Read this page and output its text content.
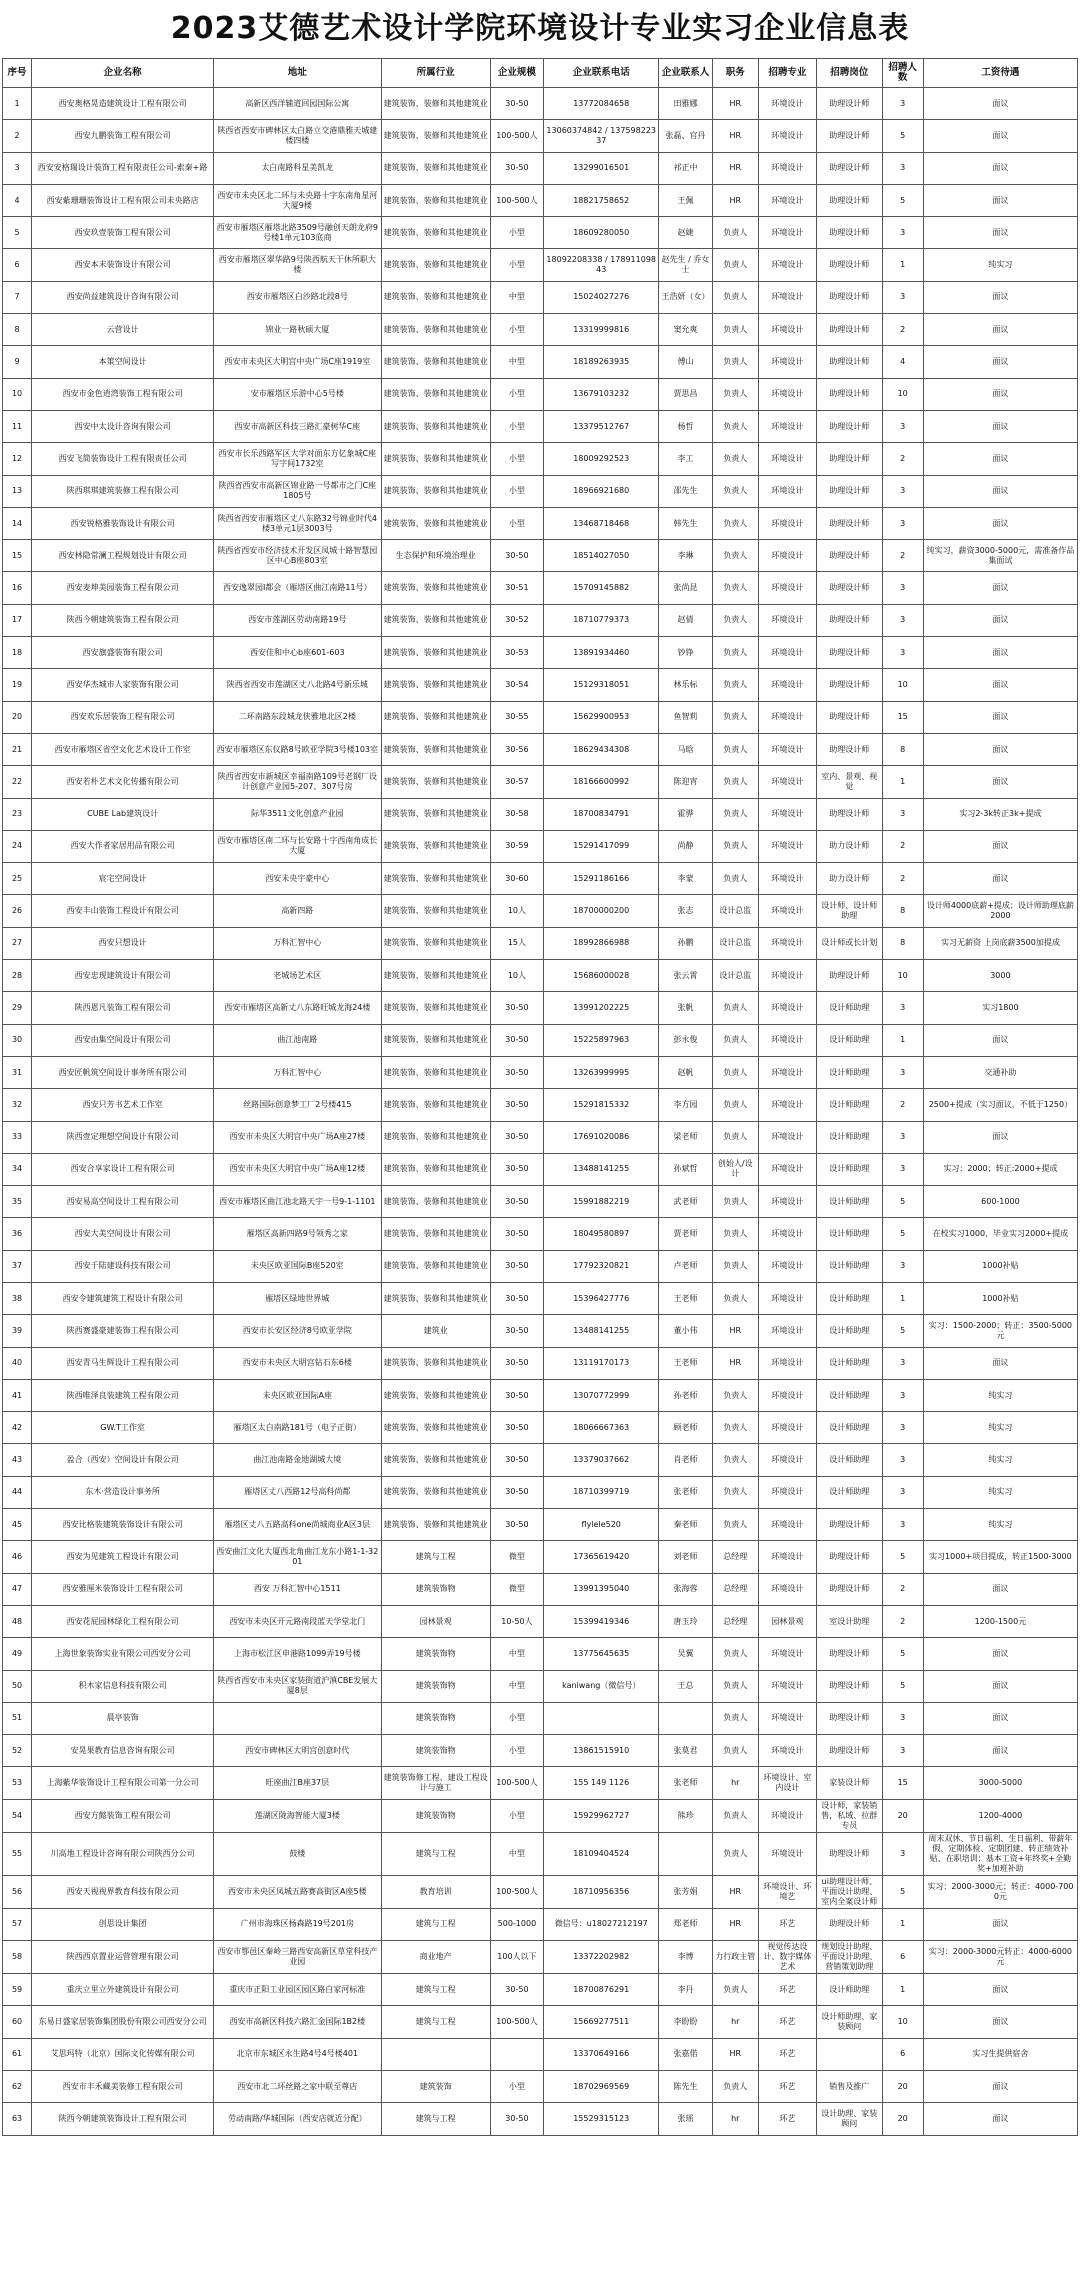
2023艾德艺术设计学院环境设计专业实习企业信息表
序号	企业名称	地址	所属行业	企业规模	企业联系电话	企业联系人	职务	招聘专业	招聘岗位	招聘人数	工资待遇
1	西安奥格晃造建筑设计工程有限公司	高新区西洋辅道回园国际公寓	建筑装饰、装修和其他建筑业	30-50	13772084658	田雅娜	HR	环境设计	助理设计师	3	面议
2	西安九鹏装饰工程有限公司	陕西省西安市碑林区太白路立交港鼎雅天城建楼四楼	建筑装饰、装修和其他建筑业	100-500人	13060374842 / 13759822337	张磊、官丹	HR	环境设计	助理设计师	5	面议
3	西安安格瑞设计装饰工程有限责任公司-索秦+路	太白南路科星美凯龙	建筑装饰、装修和其他建筑业	30-50	13299016501	祁正中	HR	环境设计	助理设计师	3	面议
4	西安紫珊珊装饰设计工程有限公司未央路店	西安市未央区北二环与未央路十字东南角星河大厦9楼	建筑装饰、装修和其他建筑业	100-500人	18821758652	王佩	HR	环境设计	助理设计师	5	面议
5	西安玖壹装饰工程有限公司	西安市雁塔区雁塔北路3509号融创天朗龙府9号楼1单元103底商	建筑装饰、装修和其他建筑业	小型	18609280050	赵婕	负责人	环境设计	助理设计师	3	面议
6	西安本末装饰设计有限公司	西安市雁塔区翠华路9号陕西航天干休所职大楼	建筑装饰、装修和其他建筑业	小型	18092208338 / 17891109843	赵先生 / 乔女士	负责人	环境设计	助理设计师	1	纯实习
7	西安尚益建筑设计咨询有限公司	西安市雁塔区白沙路北段8号	建筑装饰、装修和其他建筑业	中型	15024027276	王浩妍（女）	负责人	环境设计	助理设计师	3	面议
8	云营设计	锦业一路秋硕大厦	建筑装饰、装修和其他建筑业	小型	13319999816	窦允爽	负责人	环境设计	助理设计师	2	面议
9	本策空间设计	西安市未央区大明宫中央广场C座1919室	建筑装饰、装修和其他建筑业	中型	18189263935	傅山	负责人	环境设计	助理设计师	4	面议
10	西安市金色逍湾装饰工程有限公司	安市雁塔区乐游中心5号楼	建筑装饰、装修和其他建筑业	小型	13679103232	贾思昌	负责人	环境设计	助理设计师	10	面议
11	西安中太设计咨询有限公司	西安市高新区科技三路汇豪树华C座	建筑装饰、装修和其他建筑业	小型	13379512767	杨哲	负责人	环境设计	助理设计师	3	面议
12	西安飞简装饰设计工程有限责任公司	西安市长乐西路军区大学对面东方亿象城C座写字间1732室	建筑装饰、装修和其他建筑业	小型	18009292523	李工	负责人	环境设计	助理设计师	2	面议
13	陕西琪琪建筑装修工程有限公司	陕西省西安市高新区锦业路一号都市之门C座1805号	建筑装饰、装修和其他建筑业	小型	18966921680	邵先生	负责人	环境设计	助理设计师	3	面议
14	西安锐格雅装饰设计有限公司	陕西省西安市雁塔区丈八东路32号锦业时代4楼3单元1层3003号	建筑装饰、装修和其他建筑业	小型	13468718468	韩先生	负责人	环境设计	助理设计师	3	面议
15	西安林隐常澜工程规划设计有限公司	陕西省西安市经济技术开发区凤城十路智慧园区中心B座803室	生态保护和环境治理业	30-50	18514027050	李琳	负责人	环境设计	助理设计师	2	纯实习，薪资3000-5000元，需准备作品集面试
16	西安麦坤美园装饰工程有限公司	西安逸翠园I都会（雁塔区曲江南路11号）	建筑装饰、装修和其他建筑业	30-51	15709145882	张尚昆	负责人	环境设计	助理设计师	3	面议
17	陕西今朝建筑装饰工程有限公司	西安市莲湖区劳动南路19号	建筑装饰、装修和其他建筑业	30-52	18710779373	赵倩	负责人	环境设计	助理设计师	3	面议
18	西安旗盛装饰有限公司	西安佳和中心b座601-603	建筑装饰、装修和其他建筑业	30-53	13891934460	钞铮	负责人	环境设计	助理设计师	3	面议
19	西安华杰城市人家装饰有限公司	陕西省西安市莲湖区丈八北路4号新乐城	建筑装饰、装修和其他建筑业	30-54	15129318051	林乐标	负责人	环境设计	助理设计师	10	面议
20	西安欢乐居装饰工程有限公司	二环南路东段城龙侠雅地北区2楼	建筑装饰、装修和其他建筑业	30-55	15629900953	鱼智莉	负责人	环境设计	助理设计师	15	面议
21	西安市雁塔区省空文化艺术设计工作室	西安市雁塔区东仪路8号欧亚学院3号楼103室	建筑装饰、装修和其他建筑业	30-56	18629434308	马晗	负责人	环境设计	助理设计师	8	面议
22	西安若朴艺术文化传播有限公司	陕西省西安市新城区幸福南路109号老钢厂设计创意产业园5-207、307号房	建筑装饰、装修和其他建筑业	30-57	18166600992	陈迎宵	负责人	环境设计	室内、景观、视觉	1	面议
23	CUBE Lab建筑设计	际华3511文化创意产业园	建筑装饰、装修和其他建筑业	30-58	18700834791	霍骅	负责人	环境设计	助理设计师	3	实习2-3k转正3k+提成
24	西安大作者家居用品有限公司	西安市雁塔区南二环与长安路十字西南角成长大厦	建筑装饰、装修和其他建筑业	30-59	15291417099	尚静	负责人	环境设计	助力设计师	2	面议
25	宸宅空间设计	西安未央宇豪中心	建筑装饰、装修和其他建筑业	30-60	15291186166	李蒙	负责人	环境设计	助力设计师	2	面议
26	西安丰山装饰工程设计有限公司	高新四路	建筑装饰、装修和其他建筑业	10人	18700000200	张志	设计总监	环境设计	设计师、设计师助理	8	设计师4000底薪+提成；设计师助理底薪2000
27	西安只想设计	万科汇智中心	建筑装饰、装修和其他建筑业	15人	18992866988	孙鹏	设计总监	环境设计	设计师或长计划	8	实习无薪资 上岗底薪3500加提成
28	西安忠现建筑设计有限公司	老城场艺术区	建筑装饰、装修和其他建筑业	10人	15686000028	张云霄	设计总监	环境设计	助理设计师	10	3000
29	陕西恩凡装饰工程有限公司	西安市雁塔区高新丈八东路旺城龙海24楼	建筑装饰、装修和其他建筑业	30-50	13991202225	张帆	负责人	环境设计	设计师助理	3	实习1800
30	西安由集空间设计有限公司	曲江池南路	建筑装饰、装修和其他建筑业	30-50	15225897963	彭永俊	负责人	环境设计	设计师助理	1	面议
31	西安匠帆筑空间设计事务所有限公司	万科汇智中心	建筑装饰、装修和其他建筑业	30-50	13263999995	赵帆	负责人	环境设计	设计师助理	3	交通补助
32	西安只芳书艺术工作室	丝路国际创意梦工厂2号楼415	建筑装饰、装修和其他建筑业	30-50	15291815332	李方园	负责人	环境设计	设计师助理	2	2500+提成（实习面议，不低于1250）
33	陕西壹定理想空间设计有限公司	西安市未央区大明宫中央广场A座27楼	建筑装饰、装修和其他建筑业	30-50	17691020086	梁老师	负责人	环境设计	设计师助理	3	面议
34	西安合享家设计工程有限公司	西安市未央区大明宫中央广场A座12楼	建筑装饰、装修和其他建筑业	30-50	13488141255	孙斌哲	创始人/设计	环境设计	设计师助理	3	实习：2000；转正:2000+提成
35	西安易高空间设计工程有限公司	西安市雁塔区曲江池北路天宇一号9-1-1101	建筑装饰、装修和其他建筑业	30-50	15991882219	武老师	负责人	环境设计	设计师助理	5	600-1000
36	西安大美空间设计有限公司	雁塔区高新四路9号领秀之家	建筑装饰、装修和其他建筑业	30-50	18049580897	贾老师	负责人	环境设计	设计师助理	5	在校实习1000，毕业实习2000+提成
37	西安千陆建设科技有限公司	未央区欧亚国际B座520室	建筑装饰、装修和其他建筑业	30-50	17792320821	卢老师	负责人	环境设计	设计师助理	3	1000补贴
38	西安令建筑建筑工程设计有限公司	雁塔区绿地世界城	建筑装饰、装修和其他建筑业	30-50	15396427776	王老师	负责人	环境设计	设计师助理	1	1000补贴
39	陕西赛盛豪建装饰工程有限公司	西安市长安区经济8号欧亚学院	建筑业	30-50	13488141255	董小伟	HR	环境设计	设计师助理	5	实习：1500-2000；转正：3500-5000元
40	西安青马生辉设计工程有限公司	西安市未央区大明宫钻石东6楼	建筑装饰、装修和其他建筑业	30-50	13119170173	王老师	HR	环境设计	设计师助理	3	面议
41	陕西唯泽良装建筑工程有限公司	未央区欧亚国际A座	建筑装饰、装修和其他建筑业	30-50	13070772999	孙老师	负责人	环境设计	设计师助理	3	纯实习
42	GW.T工作室	雁塔区太白南路181号（电子正街）	建筑装饰、装修和其他建筑业	30-50	18066667363	顾老师	负责人	环境设计	设计师助理	3	纯实习
43	盈合（西安）空间设计有限公司	曲江池南路金地湖城大境	建筑装饰、装修和其他建筑业	30-50	13379037662	肖老师	负责人	环境设计	设计师助理	3	纯实习
44	东木·营造设计事务所	雁塔区丈八西路12号高科尚都	建筑装饰、装修和其他建筑业	30-50	18710399719	张老师	负责人	环境设计	设计师助理	3	纯实习
45	西安比格装建筑装饰设计有限公司	雁塔区丈八五路高科one尚城商业A区3层	建筑装饰、装修和其他建筑业	30-50	flylele520	秦老师	负责人	环境设计	助理设计师	3	纯实习
46	西安为见建筑工程设计有限公司	西安曲江文化大厦西北角曲江龙东小路1-1-3201	建筑与工程	微型	17365619420	刘老师	总经理	环境设计	助理设计师	5	实习1000+项目提成，转正1500-3000
47	西安雅厘米装饰设计工程有限公司	西安 万科汇智中心1511	建筑装饰物	微型	13991395040	张海蓉	总经理	环境设计	助理设计师	2	面议
48	西安花屁园林绿化工程有限公司	西安市未央区开元路南段蓝天学堂北门	园林景观	10-50人	15399419346	唐玉玲	总经理	园林景观	室设计助理	2	1200-1500元
49	上海世象装饰实业有限公司西安分公司	上海市松江区申港路1099弄19号楼	建筑装饰物	中型	13775645635	吴翼	负责人	环境设计	助理设计师	5	面议
50	积木家信息科技有限公司	陕西省西安市未央区家装街道沪滇CBE发展大厦8层	建筑装饰物	中型	kaniwang（微信号）	王总	负责人	环境设计	助理设计师	5	面议
51	晨亭装饰		建筑装饰物	小型			负责人	环境设计	助理设计师	3	面议
52	安晃果教育信息咨询有限公司	西安市碑林区大明宫创意时代	建筑装饰物	小型	13861515910	张莫君	负责人	环境设计	助理设计师	3	面议
53	上海紫华装饰设计工程有限公司第一分公司	旺座曲江B座37层	建筑装饰修工程、建设工程设计与施工	100-500人	155 149 1126	张老师	hr	环境设计、室内设计	家装设计师	15	3000-5000
54	西安方懿装饰工程有限公司	莲湖区陇海智能大厦3楼	建筑装饰物	小型	15929962727	熊珍	负责人	环境设计	设计师，家装销售，私域、拉群专员	20	1200-4000
55	川高地工程设计咨询有限公司陕西分公司	鼓楼	建筑与工程	中型	18109404524		负责人	环境设计	助理设计师	3	周末双休、节日福利、生日福利、带薪年假、定期体检、定期团建、转正绩效补贴、在职培训：基本工资+年终奖+全勤奖+加班补助
56	西安天视视界教育科技有限公司	西安市未央区凤城五路赛高街区A座5楼	教育培训	100-500人	18710956356	张芳娟	HR	环境设计、环境艺	ui助理设计师、平面设计助理、室内全案设计师	5	实习：2000-3000元；转正：4000-7000元
57	创思设计集团	广州市海珠区杨森路19号201房	建筑与工程	500-1000	微信号：u18027212197	郑老师	HR	环艺	助理设计师	1	面议
58	陕西西京置业运营管理有限公司	西安市鄠邑区秦岭三路西安高新区草堂科技产业园	商业地产	100人以下	13372202982	李博	力行政主管	视觉传达设计、数字媒体艺术	规划设计助理、平面设计助理、营销策划助理	6	实习：2000-3000元转正：4000-6000元
59	重庆立里立外建筑设计有限公司	重庆市正阳工业园区园区路白家河标准	建筑与工程	30-50	18700876291	李丹	负责人	环艺	设计师助理	1	面议
60	东易日盛家居装饰集团股份有限公司西安分公司	西安市高新区科技六路汇金国际1B2楼	建筑与工程	100-500人	15669277511	李盼盼	hr	环艺	设计师助理、家装顾问	10	面议
61	艾思玛特（北京）国际文化传媒有限公司	北京市东城区永生路4号4号楼401			13370649166	张嘉偌	HR	环艺		6	实习生提供宿舍
62	西安市丰禾藏美装修工程有限公司	西安市北二环丝路之家中联至尊店	建筑装饰	小型	18702969569	陈先生	负责人	环艺	销售及推广	20	面议
63	陕西今朝建筑装饰设计工程有限公司	劳动南路/华城国际（西安店就近分配）	建筑与工程	30-50	15529315123	张瑶	hr	环艺	设计助理、家装顾问	20	面议
